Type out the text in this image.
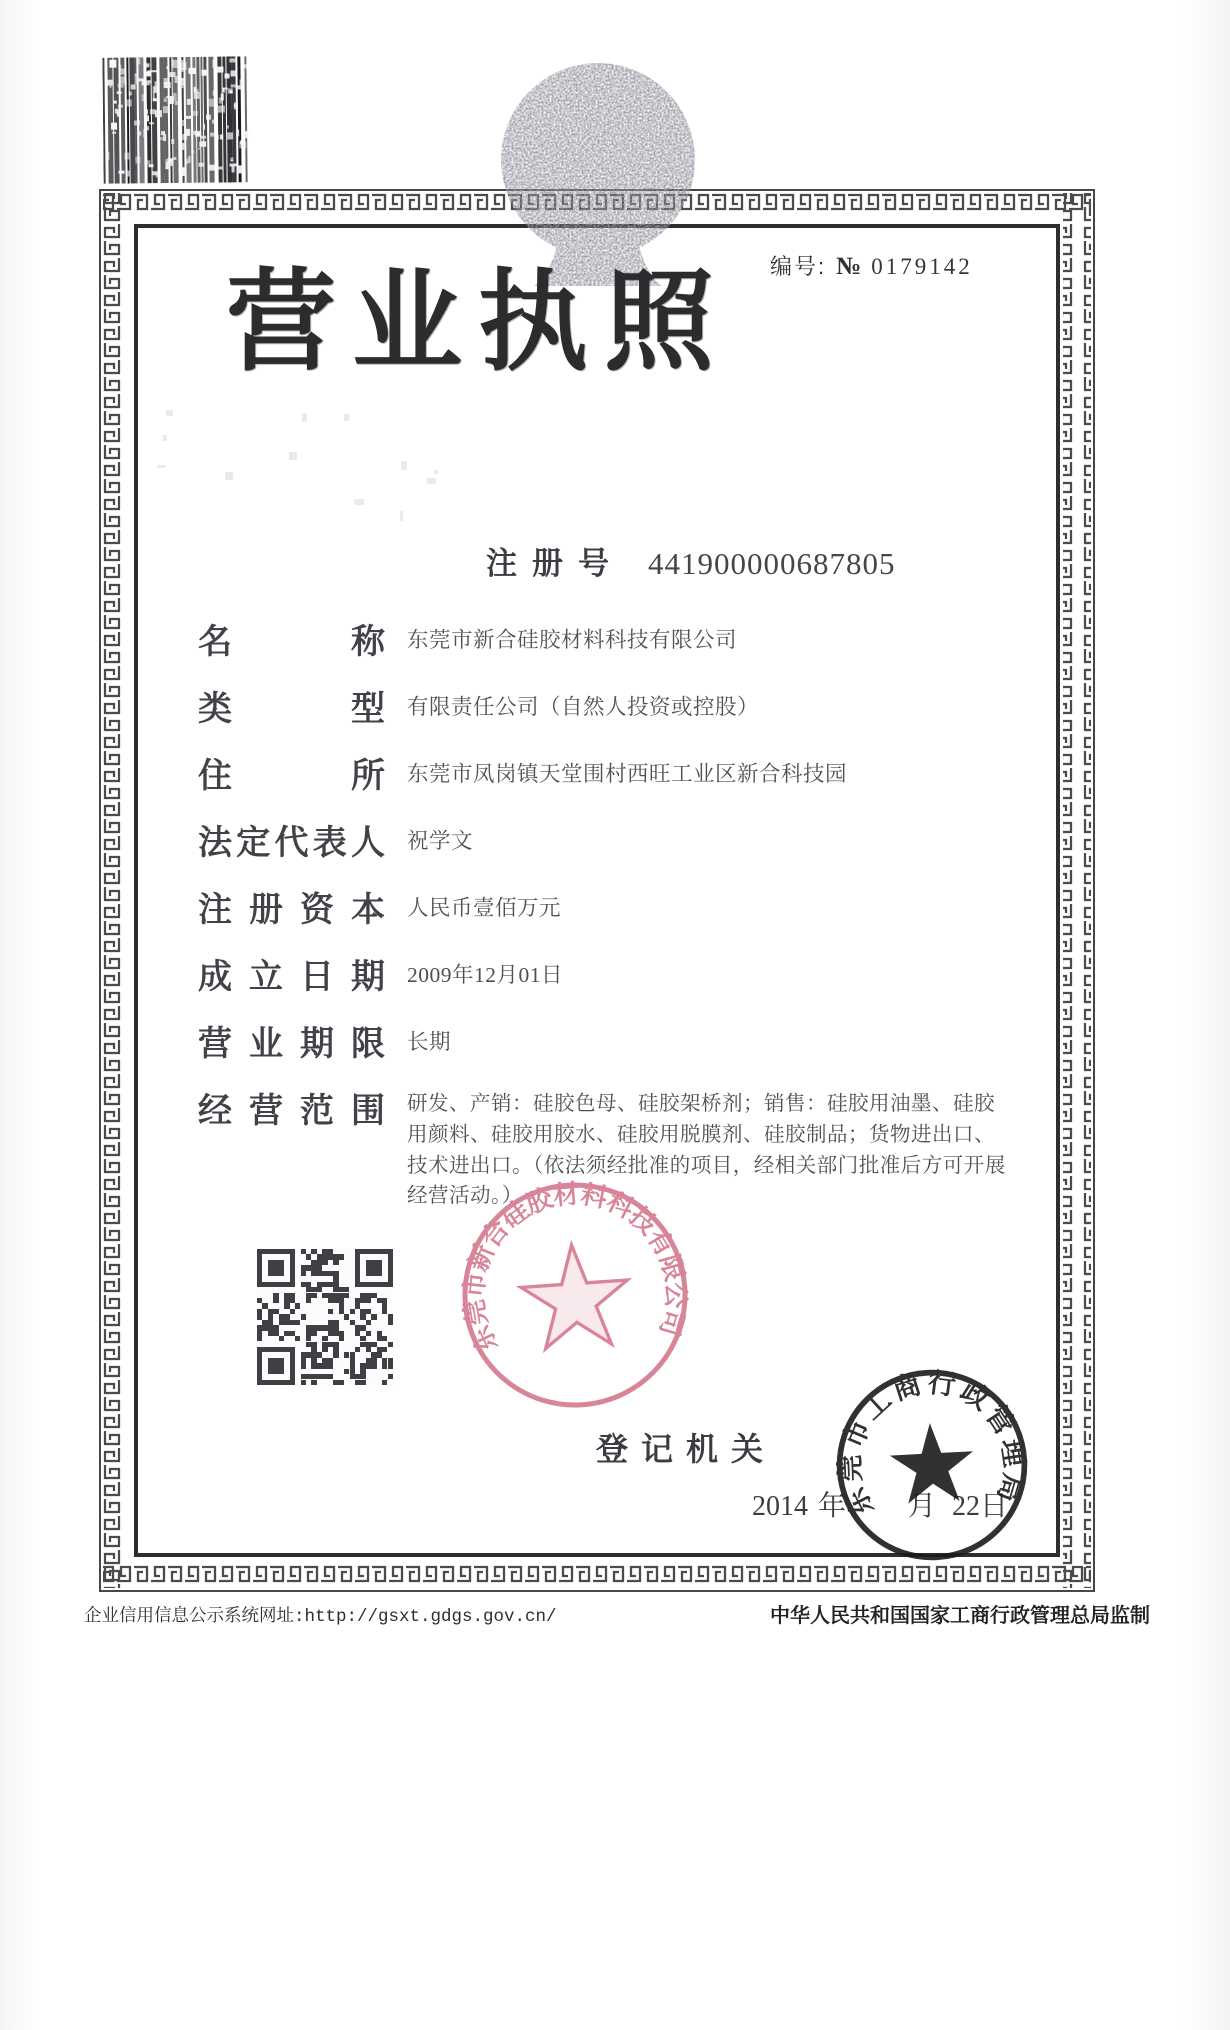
编号: № 0179142
营 业 执 照
注册号 441900000687805
名	称 东莞市新合硅胶材料科技有限公司
类	型 有限责任公司（自然人投资或控股）
住	所 东莞市凤岗镇天堂围村西旺工业区新合科技园
法 定 代 表 人 祝学文
注 册 资 本 人民币壹佰万元
成 立 日 期 2009年12月01日
营 业 期 限 长期
经 营 范 围 研发、产销：硅胶色母、硅胶架桥剂；销售：硅胶用油墨、硅胶用颜料、硅胶用胶水、硅胶用脱膜剂、硅胶制品；货物进出口、技术进出口。（依法须经批准的项目，经相关部门批准后方可开展经营活动。）
东莞市新合硅胶材料科技有限公司
登记机关
2014 年 月 22 日
东莞市工商行政管理局
企业信用信息公示系统网址:http://gsxt.gdgs.gov.cn/	中华人民共和国国家工商行政管理总局监制
